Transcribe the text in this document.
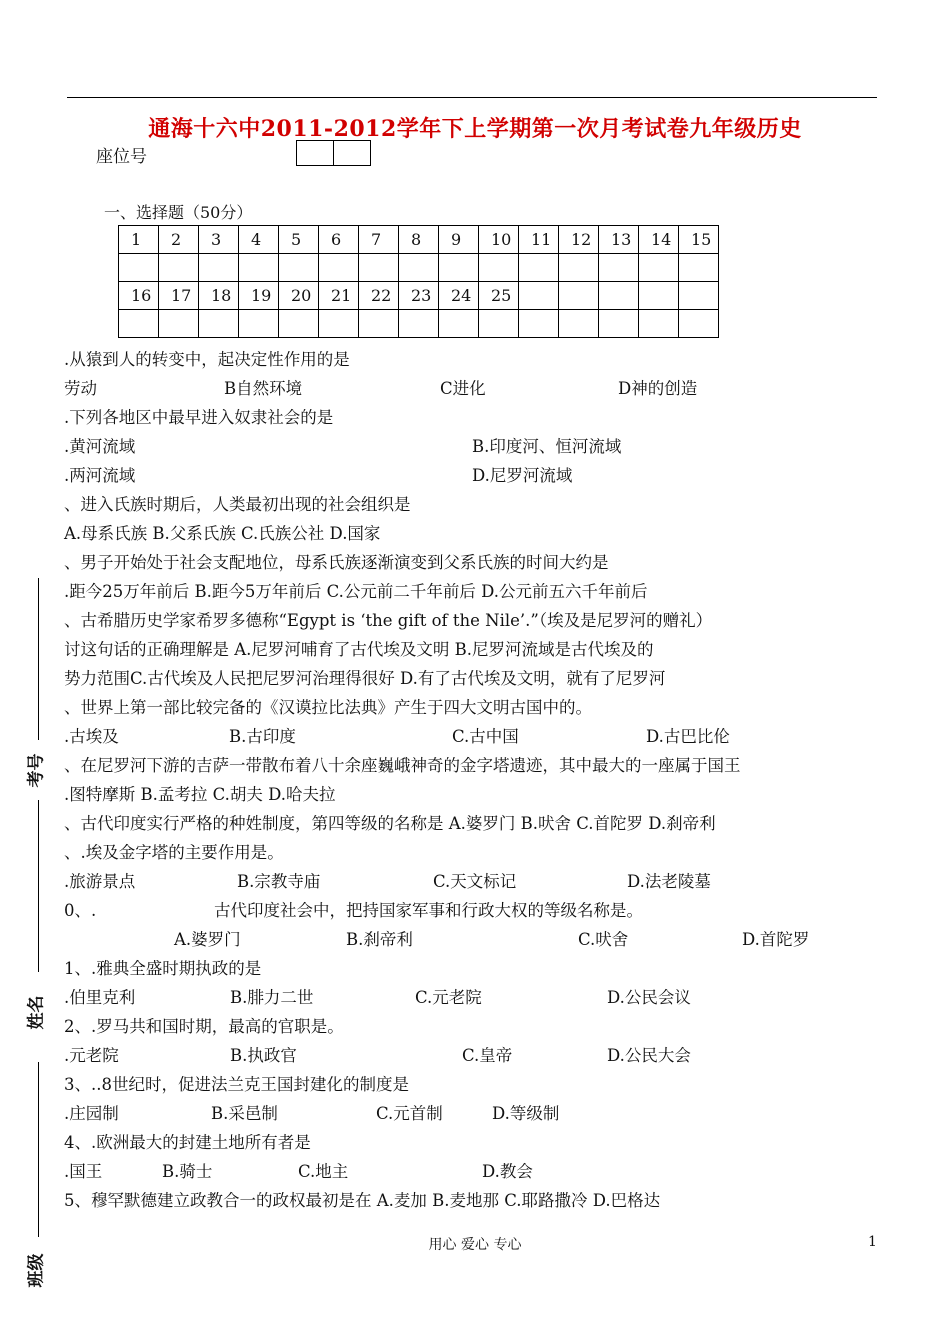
通海十六中2011-2012学年下上学期第一次月考试卷九年级历史
座位号
一、选择题（50分）
1	2	3	4	5	6	7	8	9	10	11	12	13	14	15

16	17	18	19	20	21	22	23	24	25					

.从猿到人的转变中，起决定性作用的是
劳动	B自然环境	C进化	D神的创造
.下列各地区中最早进入奴隶社会的是
.黄河流域	B.印度河、恒河流域
.两河流域	D.尼罗河流域
、进入氏族时期后，人类最初出现的社会组织是
A.母系氏族 B.父系氏族 C.氏族公社 D.国家
、男子开始处于社会支配地位，母系氏族逐渐演变到父系氏族的时间大约是
.距今25万年前后 B.距今5万年前后 C.公元前二千年前后 D.公元前五六千年前后
、古希腊历史学家希罗多德称“Egypt is ‘the gift of the Nile’.”（埃及是尼罗河的赠礼）
讨这句话的正确理解是 A.尼罗河哺育了古代埃及文明 B.尼罗河流域是古代埃及的
势力范围C.古代埃及人民把尼罗河治理得很好 D.有了古代埃及文明，就有了尼罗河
、世界上第一部比较完备的《汉谟拉比法典》产生于四大文明古国中的。
.古埃及	B.古印度	C.古中国	D.古巴比伦
、在尼罗河下游的吉萨一带散布着八十余座巍峨神奇的金字塔遗迹，其中最大的一座属于国王
.图特摩斯 B.孟考拉 C.胡夫 D.哈夫拉
、古代印度实行严格的种姓制度，第四等级的名称是 A.婆罗门 B.吠舍 C.首陀罗 D.刹帝利
、.埃及金字塔的主要作用是。
.旅游景点	B.宗教寺庙	C.天文标记	D.法老陵墓
0、.	古代印度社会中，把持国家军事和行政大权的等级名称是。
A.婆罗门	B.刹帝利	C.吠舍	D.首陀罗
1、.雅典全盛时期执政的是
.伯里克利	B.腓力二世	C.元老院	D.公民会议
2、.罗马共和国时期，最高的官职是。
.元老院	B.执政官	C.皇帝	D.公民大会
3、..8世纪时，促进法兰克王国封建化的制度是
.庄园制	B.采邑制	C.元首制	D.等级制
4、.欧洲最大的封建土地所有者是
.国王	B.骑士	C.地主	D.教会
5、穆罕默德建立政教合一的政权最初是在 A.麦加 B.麦地那 C.耶路撒冷 D.巴格达
考号
姓名
班级
用心 爱心 专心	1
